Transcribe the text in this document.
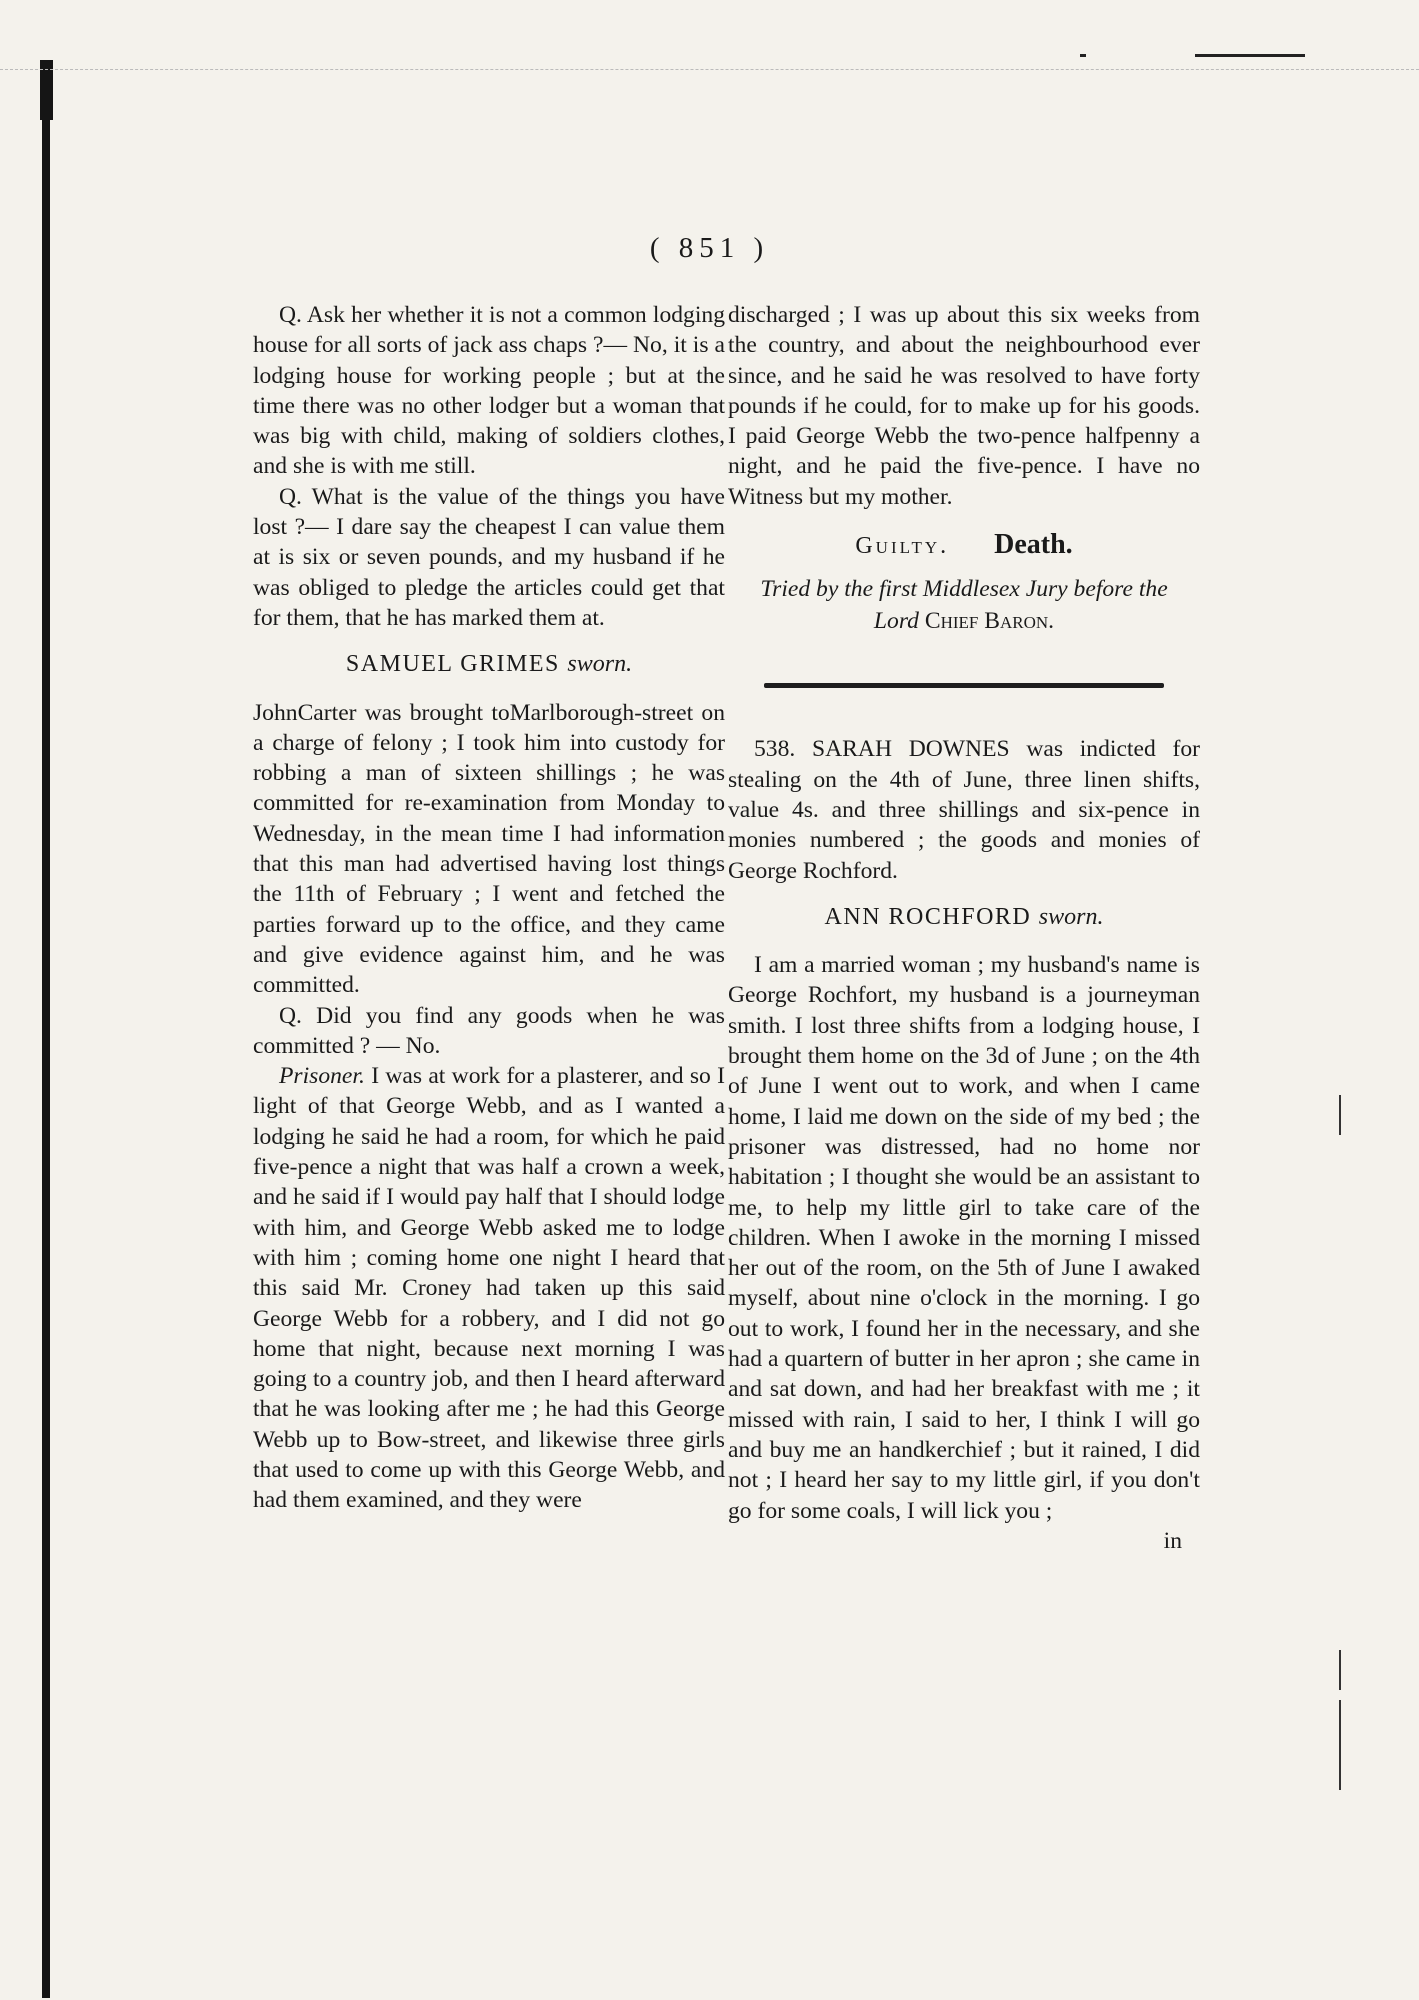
( 851 )

Q. Ask her whether it is not a common lodging house for all sorts of jack ass chaps ?— No, it is a lodging house for working people ; but at the time there was no other lodger but a woman that was big with child, making of soldiers clothes, and she is with me still.

Q. What is the value of the things you have lost ?— I dare say the cheapest I can value them at is six or seven pounds, and my husband if he was obliged to pledge the articles could get that for them, that he has marked them at.

SAMUEL GRIMES sworn.

JohnCarter was brought toMarlborough-street on a charge of felony ; I took him into custody for robbing a man of sixteen shillings ; he was committed for re-examination from Monday to Wednesday, in the mean time I had information that this man had advertised having lost things the 11th of February ; I went and fetched the parties forward up to the office, and they came and give evidence against him, and he was committed.

Q. Did you find any goods when he was committed ? — No.

Prisoner. I was at work for a plasterer, and so I light of that George Webb, and as I wanted a lodging he said he had a room, for which he paid five-pence a night that was half a crown a week, and he said if I would pay half that I should lodge with him, and George Webb asked me to lodge with him ; coming home one night I heard that this said Mr. Croney had taken up this said George Webb for a robbery, and I did not go home that night, because next morning I was going to a country job, and then I heard afterward that he was looking after me ; he had this George Webb up to Bow-street, and likewise three girls that used to come up with this George Webb, and had them examined, and they were

discharged ; I was up about this six weeks from the country, and about the neighbourhood ever since, and he said he was resolved to have forty pounds if he could, for to make up for his goods. I paid George Webb the two-pence halfpenny a night, and he paid the five-pence. I have no Witness but my mother.

Guilty. Death.

Tried by the first Middlesex Jury before the
Lord Chief Baron.

538. SARAH DOWNES was indicted for stealing on the 4th of June, three linen shifts, value 4s. and three shillings and six-pence in monies numbered ; the goods and monies of George Rochford.

ANN ROCHFORD sworn.

I am a married woman ; my husband's name is George Rochfort, my husband is a journeyman smith. I lost three shifts from a lodging house, I brought them home on the 3d of June ; on the 4th of June I went out to work, and when I came home, I laid me down on the side of my bed ; the prisoner was distressed, had no home nor habitation ; I thought she would be an assistant to me, to help my little girl to take care of the children. When I awoke in the morning I missed her out of the room, on the 5th of June I awaked myself, about nine o'clock in the morning. I go out to work, I found her in the necessary, and she had a quartern of butter in her apron ; she came in and sat down, and had her breakfast with me ; it missed with rain, I said to her, I think I will go and buy me an handkerchief ; but it rained, I did not ; I heard her say to my little girl, if you don't go for some coals, I will lick you ;

in
